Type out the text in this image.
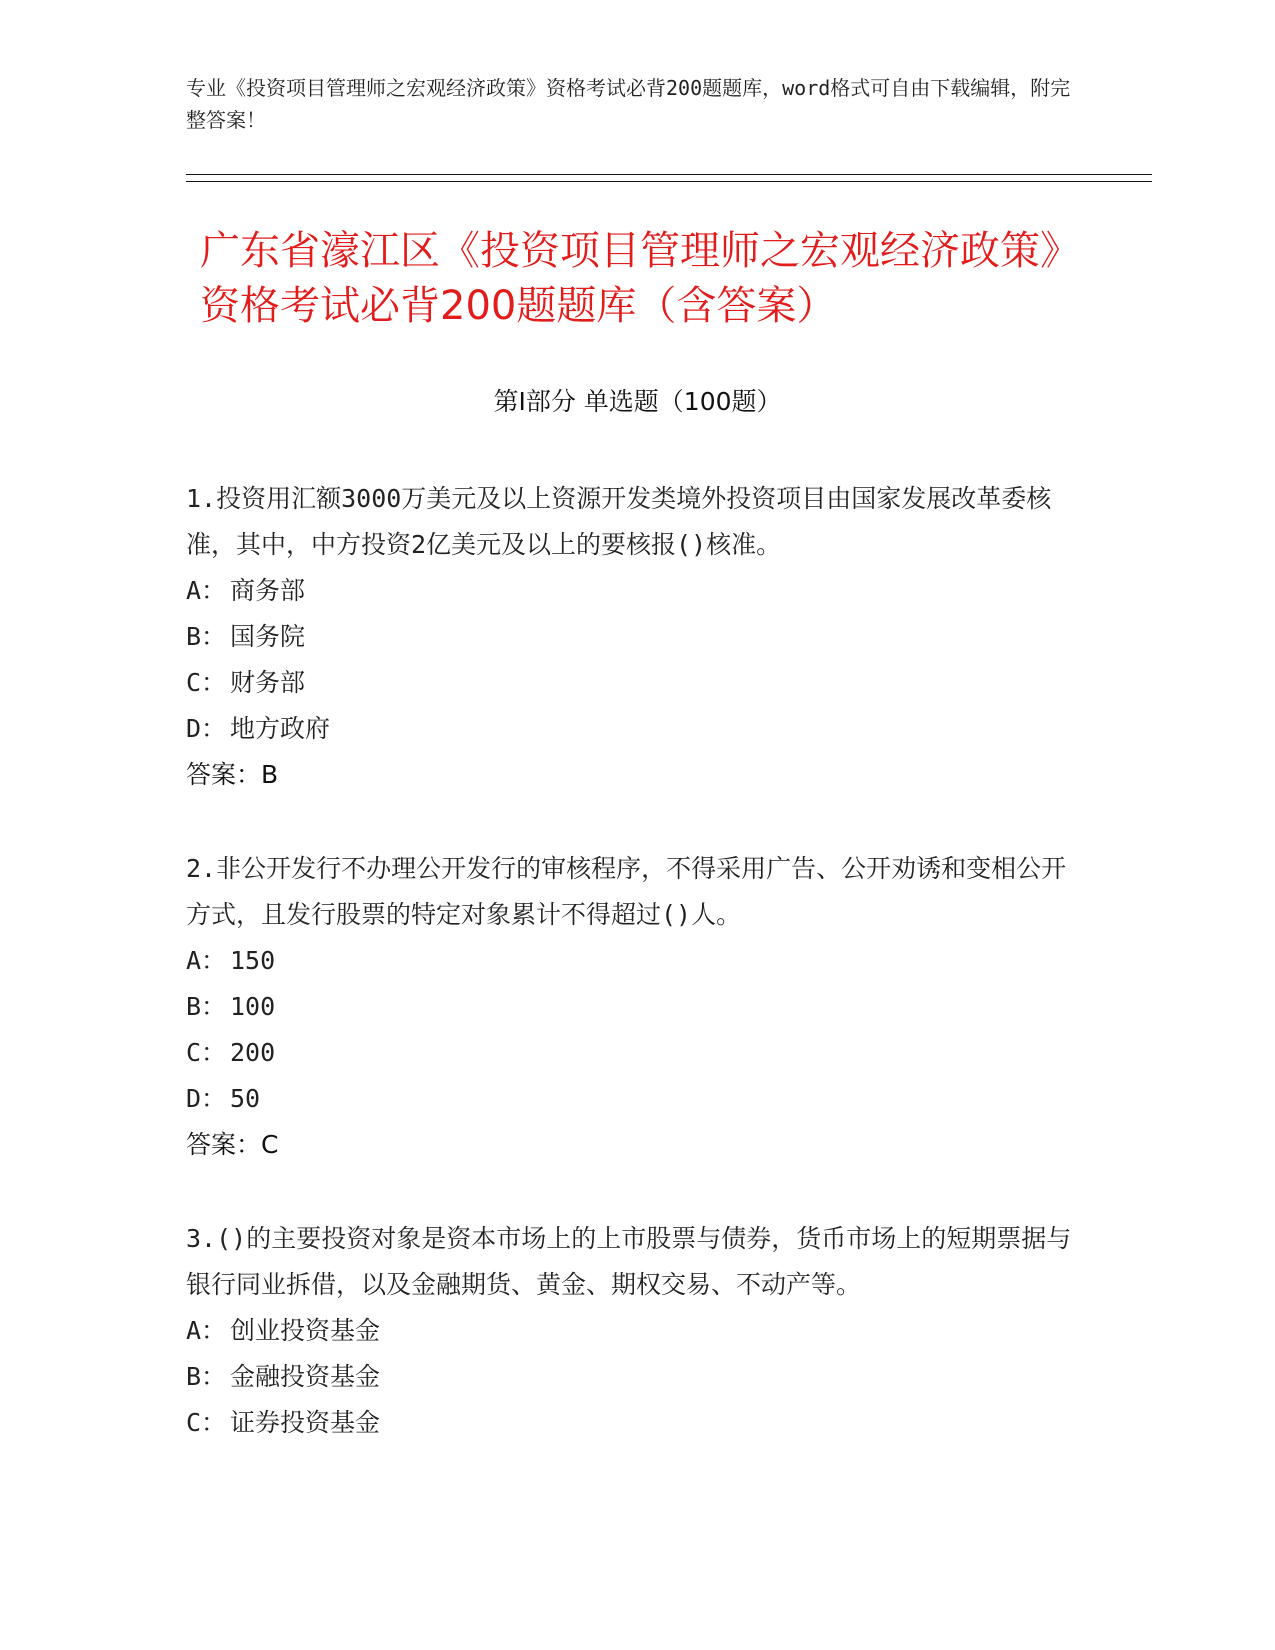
专业《投资项目管理师之宏观经济政策》资格考试必背200题题库，word格式可自由下载编辑，附完整答案！
广东省濠江区《投资项目管理师之宏观经济政策》资格考试必背200题题库（含答案）
第Ⅰ部分 单选题（100题）

1.投资用汇额3000万美元及以上资源开发类境外投资项目由国家发展改革委核准，其中，中方投资2亿美元及以上的要核报()核准。

A： 商务部
B： 国务院
C： 财务部
D： 地方政府
答案：B

2.非公开发行不办理公开发行的审核程序，不得采用广告、公开劝诱和变相公开方式，且发行股票的特定对象累计不得超过()人。

A： 150
B： 100
C： 200
D： 50
答案：C

3.()的主要投资对象是资本市场上的上市股票与债券，货币市场上的短期票据与银行同业拆借，以及金融期货、黄金、期权交易、不动产等。

A： 创业投资基金
B： 金融投资基金
C： 证券投资基金
